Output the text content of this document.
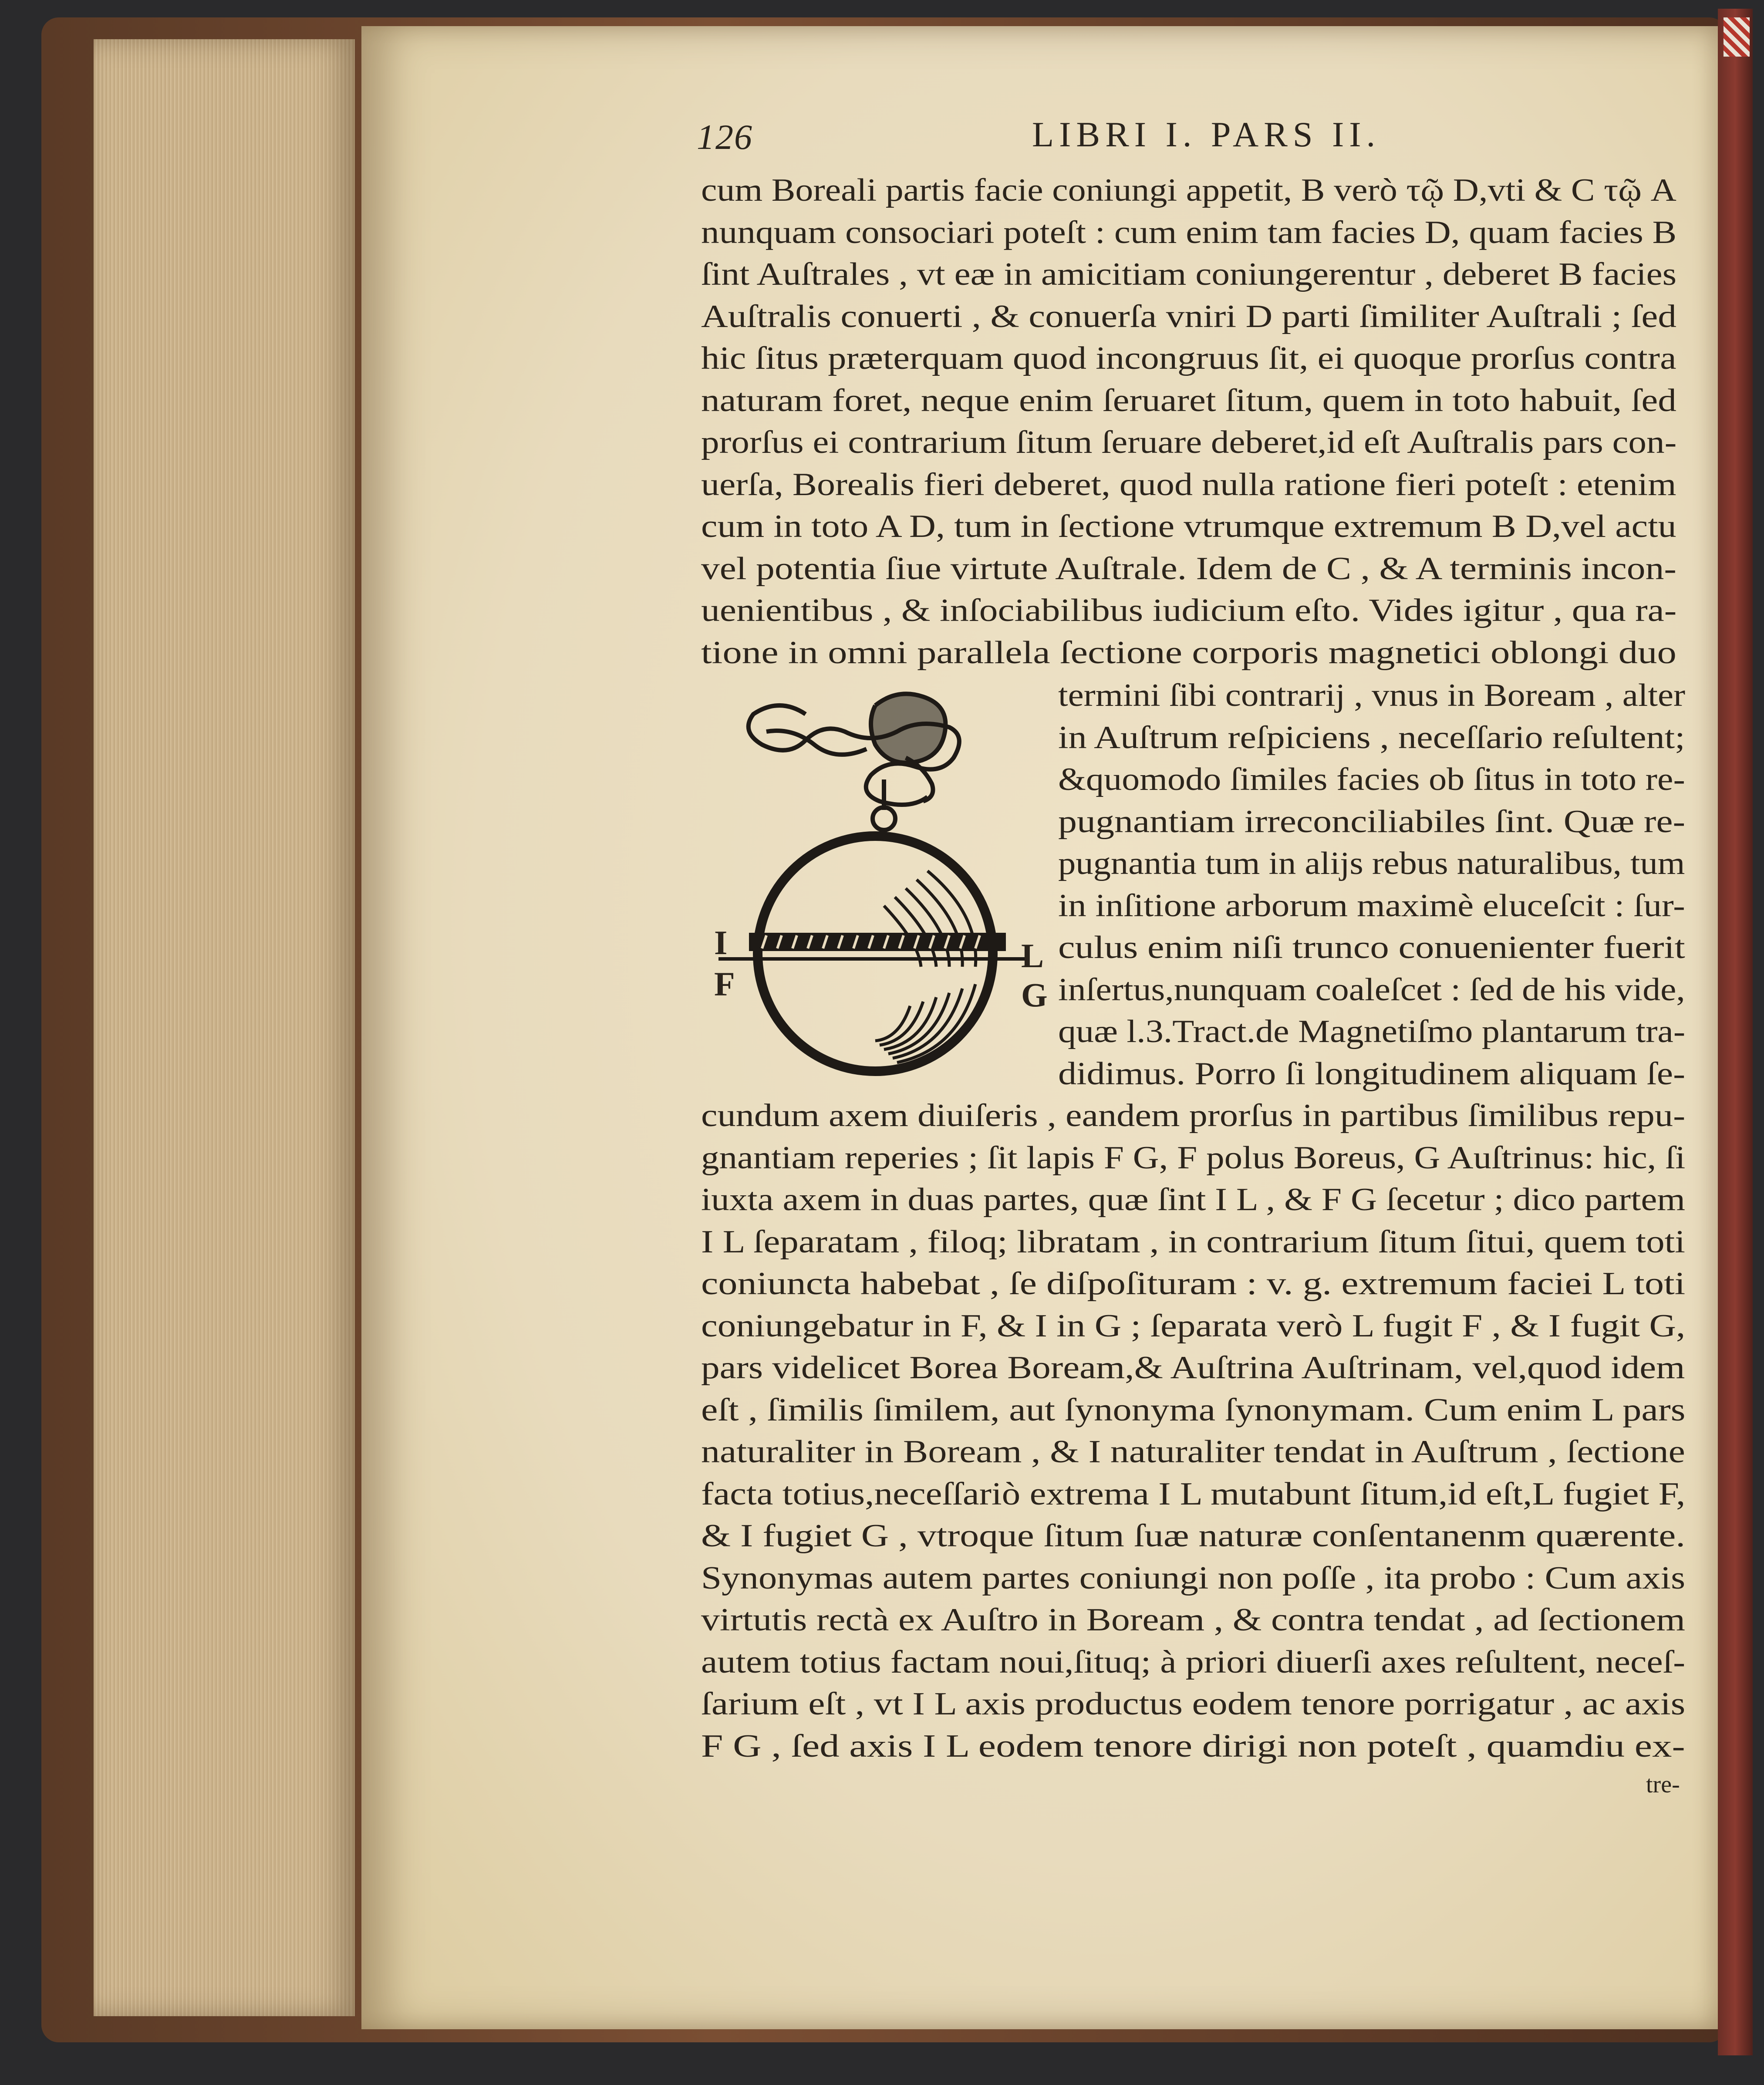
126	LIBRI I. PARS II.
cum Boreali partis facie coniungi appetit, B verò τῷ D,vti & C τῷ A
nunquam consociari poteſt : cum enim tam facies D, quam facies B
ſint Auſtrales , vt eæ in amicitiam coniungerentur , deberet B facies
Auſtralis conuerti , & conuerſa vniri D parti ſimiliter Auſtrali ; ſed
hic ſitus præterquam quod incongruus ſit, ei quoque prorſus contra
naturam foret, neque enim ſeruaret ſitum, quem in toto habuit, ſed
prorſus ei contrarium ſitum ſeruare deberet,id eſt Auſtralis pars con-
uerſa, Borealis fieri deberet, quod nulla ratione fieri poteſt : etenim
cum in toto A D, tum in ſectione vtrumque extremum B D,vel actu
vel potentia ſiue virtute Auſtrale. Idem de C , & A terminis incon-
uenientibus , & inſociabilibus iudicium eſto. Vides igitur , qua ra-
tione in omni parallela ſectione corporis magnetici oblongi duo
termini ſibi contrarij , vnus in Boream , alter
in Auſtrum reſpiciens , neceſſario reſultent;
&quomodo ſimiles facies ob ſitus in toto re-
pugnantiam irreconciliabiles ſint. Quæ re-
pugnantia tum in alijs rebus naturalibus, tum
in inſitione arborum maximè eluceſcit : ſur-
culus enim niſi trunco conuenienter fuerit
inſertus,nunquam coaleſcet : ſed de his vide,
quæ l.3.Tract.de Magnetiſmo plantarum tra-
didimus. Porro ſi longitudinem aliquam ſe-
cundum axem diuiſeris , eandem prorſus in partibus ſimilibus repu-
gnantiam reperies ; ſit lapis F G, F polus Boreus, G Auſtrinus: hic, ſi
iuxta axem in duas partes, quæ ſint I L , & F G ſecetur ; dico partem
I L ſeparatam , filoq; libratam , in contrarium ſitum ſitui, quem toti
coniuncta habebat , ſe diſpoſituram : v. g. extremum faciei L toti
coniungebatur in F, & I in G ; ſeparata verò L fugit F , & I fugit G,
pars videlicet Borea Boream,& Auſtrina Auſtrinam, vel,quod idem
eſt , ſimilis ſimilem, aut ſynonyma ſynonymam. Cum enim L pars
naturaliter in Boream , & I naturaliter tendat in Auſtrum , ſectione
facta totius,neceſſariò extrema I L mutabunt ſitum,id eſt,L fugiet F,
& I fugiet G , vtroque ſitum ſuæ naturæ conſentanenm quærente.
Synonymas autem partes coniungi non poſſe , ita probo : Cum axis
virtutis rectà ex Auſtro in Boream , & contra tendat , ad ſectionem
autem totius factam noui,ſituq; à priori diuerſi axes reſultent, neceſ-
ſarium eſt , vt I L axis productus eodem tenore porrigatur , ac axis
F G , ſed axis I L eodem tenore dirigi non poteſt , quamdiu ex-
tre-
I
F
L
G
